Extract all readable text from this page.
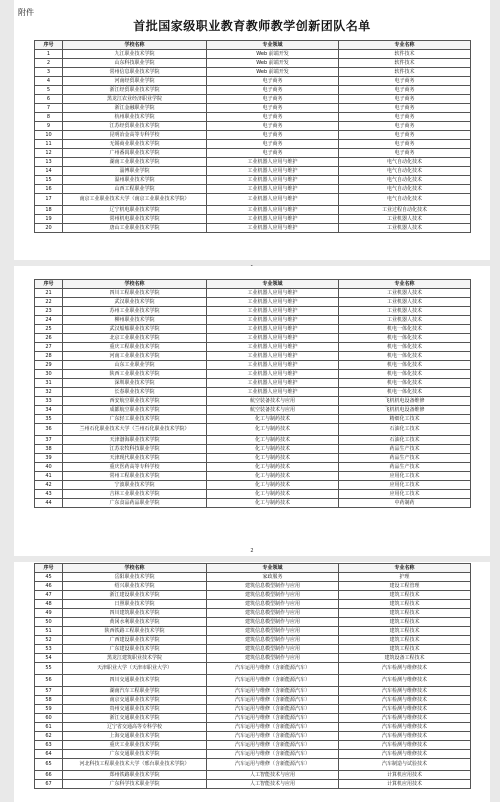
附件
首批国家级职业教育教师教学创新团队名单
序号	学校名称	专业领域	专业名称
1	九江职业技术学院	Web 前端开发	软件技术
2	山东科技职业学院	Web 前端开发	软件技术
3	常州信息职业技术学院	Web 前端开发	软件技术
4	河南经贸职业学院	电子商务	电子商务
5	浙江经贸职业技术学院	电子商务	电子商务
6	黑龙江农业经济职业学院	电子商务	电子商务
7	浙江金融职业学院	电子商务	电子商务
8	杭州职业技术学院	电子商务	电子商务
9	江苏经贸职业技术学院	电子商务	电子商务
10	昆明冶金高等专科学校	电子商务	电子商务
11	无锡商业职业技术学院	电子商务	电子商务
12	广州番禺职业技术学院	电子商务	电子商务
13	湖南工业职业技术学院	工业机器人应用与维护	电气自动化技术
14	淄博职业学院	工业机器人应用与维护	电气自动化技术
15	温州职业技术学院	工业机器人应用与维护	电气自动化技术
16	山西工程职业学院	工业机器人应用与维护	电气自动化技术
17	南京工业职业技术大学（南京工业职业技术学院）	工业机器人应用与维护	电气自动化技术
18	辽宁机电职业技术学院	工业机器人应用与维护	工业过程自动化技术
19	常州机电职业技术学院	工业机器人应用与维护	工业机器人技术
20	唐山工业职业技术学院	工业机器人应用与维护	工业机器人技术
序号	学校名称	专业领域	专业名称
21	四川工程职业技术学院	工业机器人应用与维护	工业机器人技术
22	武汉职业技术学院	工业机器人应用与维护	工业机器人技术
23	苏州工业职业技术学院	工业机器人应用与维护	工业机器人技术
24	柳州职业技术学院	工业机器人应用与维护	工业机器人技术
25	武汉船舶职业技术学院	工业机器人应用与维护	机电一体化技术
26	北京工业职业技术学院	工业机器人应用与维护	机电一体化技术
27	重庆工程职业技术学院	工业机器人应用与维护	机电一体化技术
28	河南工业职业技术学院	工业机器人应用与维护	机电一体化技术
29	山东工业职业学院	工业机器人应用与维护	机电一体化技术
30	陕西工业职业技术学院	工业机器人应用与维护	机电一体化技术
31	深圳职业技术学院	工业机器人应用与维护	机电一体化技术
32	长春职业技术学院	工业机器人应用与维护	机电一体化技术
33	西安航空职业技术学院	航空装备技术与应用	飞机机电设备维修
34	成都航空职业技术学院	航空装备技术与应用	飞机机电设备维修
35	广东轻工职业技术学院	化工与制药技术	精细化工技术
36	兰州石化职业技术大学（兰州石化职业技术学院）	化工与制药技术	石油化工技术
37	天津渤海职业技术学院	化工与制药技术	石油化工技术
38	江苏农牧科技职业学院	化工与制药技术	药品生产技术
39	天津现代职业技术学院	化工与制药技术	药品生产技术
40	重庆医药高等专科学校	化工与制药技术	药品生产技术
41	常州工程职业技术学院	化工与制药技术	应用化工技术
42	宁波职业技术学院	化工与制药技术	应用化工技术
43	吉林工业职业技术学院	化工与制药技术	应用化工技术
44	广东食品药品职业学院	化工与制药技术	中药制药
2
序号	学校名称	专业领域	专业名称
45	岳阳职业技术学院	家政服务	护理
46	绍兴职业技术学院	建筑信息模型制作与应用	建设工程管理
47	浙江建设职业技术学院	建筑信息模型制作与应用	建筑工程技术
48	日照职业技术学院	建筑信息模型制作与应用	建筑工程技术
49	四川建筑职业技术学院	建筑信息模型制作与应用	建筑工程技术
50	黄冈水利职业技术学院	建筑信息模型制作与应用	建筑工程技术
51	陕西铁路工程职业技术学院	建筑信息模型制作与应用	建筑工程技术
52	广西建设职业技术学院	建筑信息模型制作与应用	建筑工程技术
53	广东建设职业技术学院	建筑信息模型制作与应用	建筑工程技术
54	黑龙江建筑职业技术学院	建筑信息模型制作与应用	建筑设备工程技术
55	天津职业大学（天津市职业大学）	汽车运用与维修（含新能源汽车）	汽车检测与维修技术
56	四川交通职业技术学院	汽车运用与维修（含新能源汽车）	汽车检测与维修技术
57	湖南汽车工程职业学院	汽车运用与维修（含新能源汽车）	汽车检测与维修技术
58	南京交通职业技术学院	汽车运用与维修（含新能源汽车）	汽车检测与维修技术
59	贵州交通职业技术学院	汽车运用与维修（含新能源汽车）	汽车检测与维修技术
60	浙江交通职业技术学院	汽车运用与维修（含新能源汽车）	汽车检测与维修技术
61	辽宁省交通高等专科学校	汽车运用与维修（含新能源汽车）	汽车检测与维修技术
62	上海交通职业技术学院	汽车运用与维修（含新能源汽车）	汽车检测与维修技术
63	重庆工业职业技术学院	汽车运用与维修（含新能源汽车）	汽车检测与维修技术
64	广东交通职业技术学院	汽车运用与维修（含新能源汽车）	汽车检测与维修技术
65	河北科技工程职业技术大学（邢台职业技术学院）	汽车运用与维修（含新能源汽车）	汽车制造与试验技术
66	郑州铁路职业技术学院	人工智能技术与应用	计算机应用技术
67	广东科学技术职业学院	人工智能技术与应用	计算机应用技术
